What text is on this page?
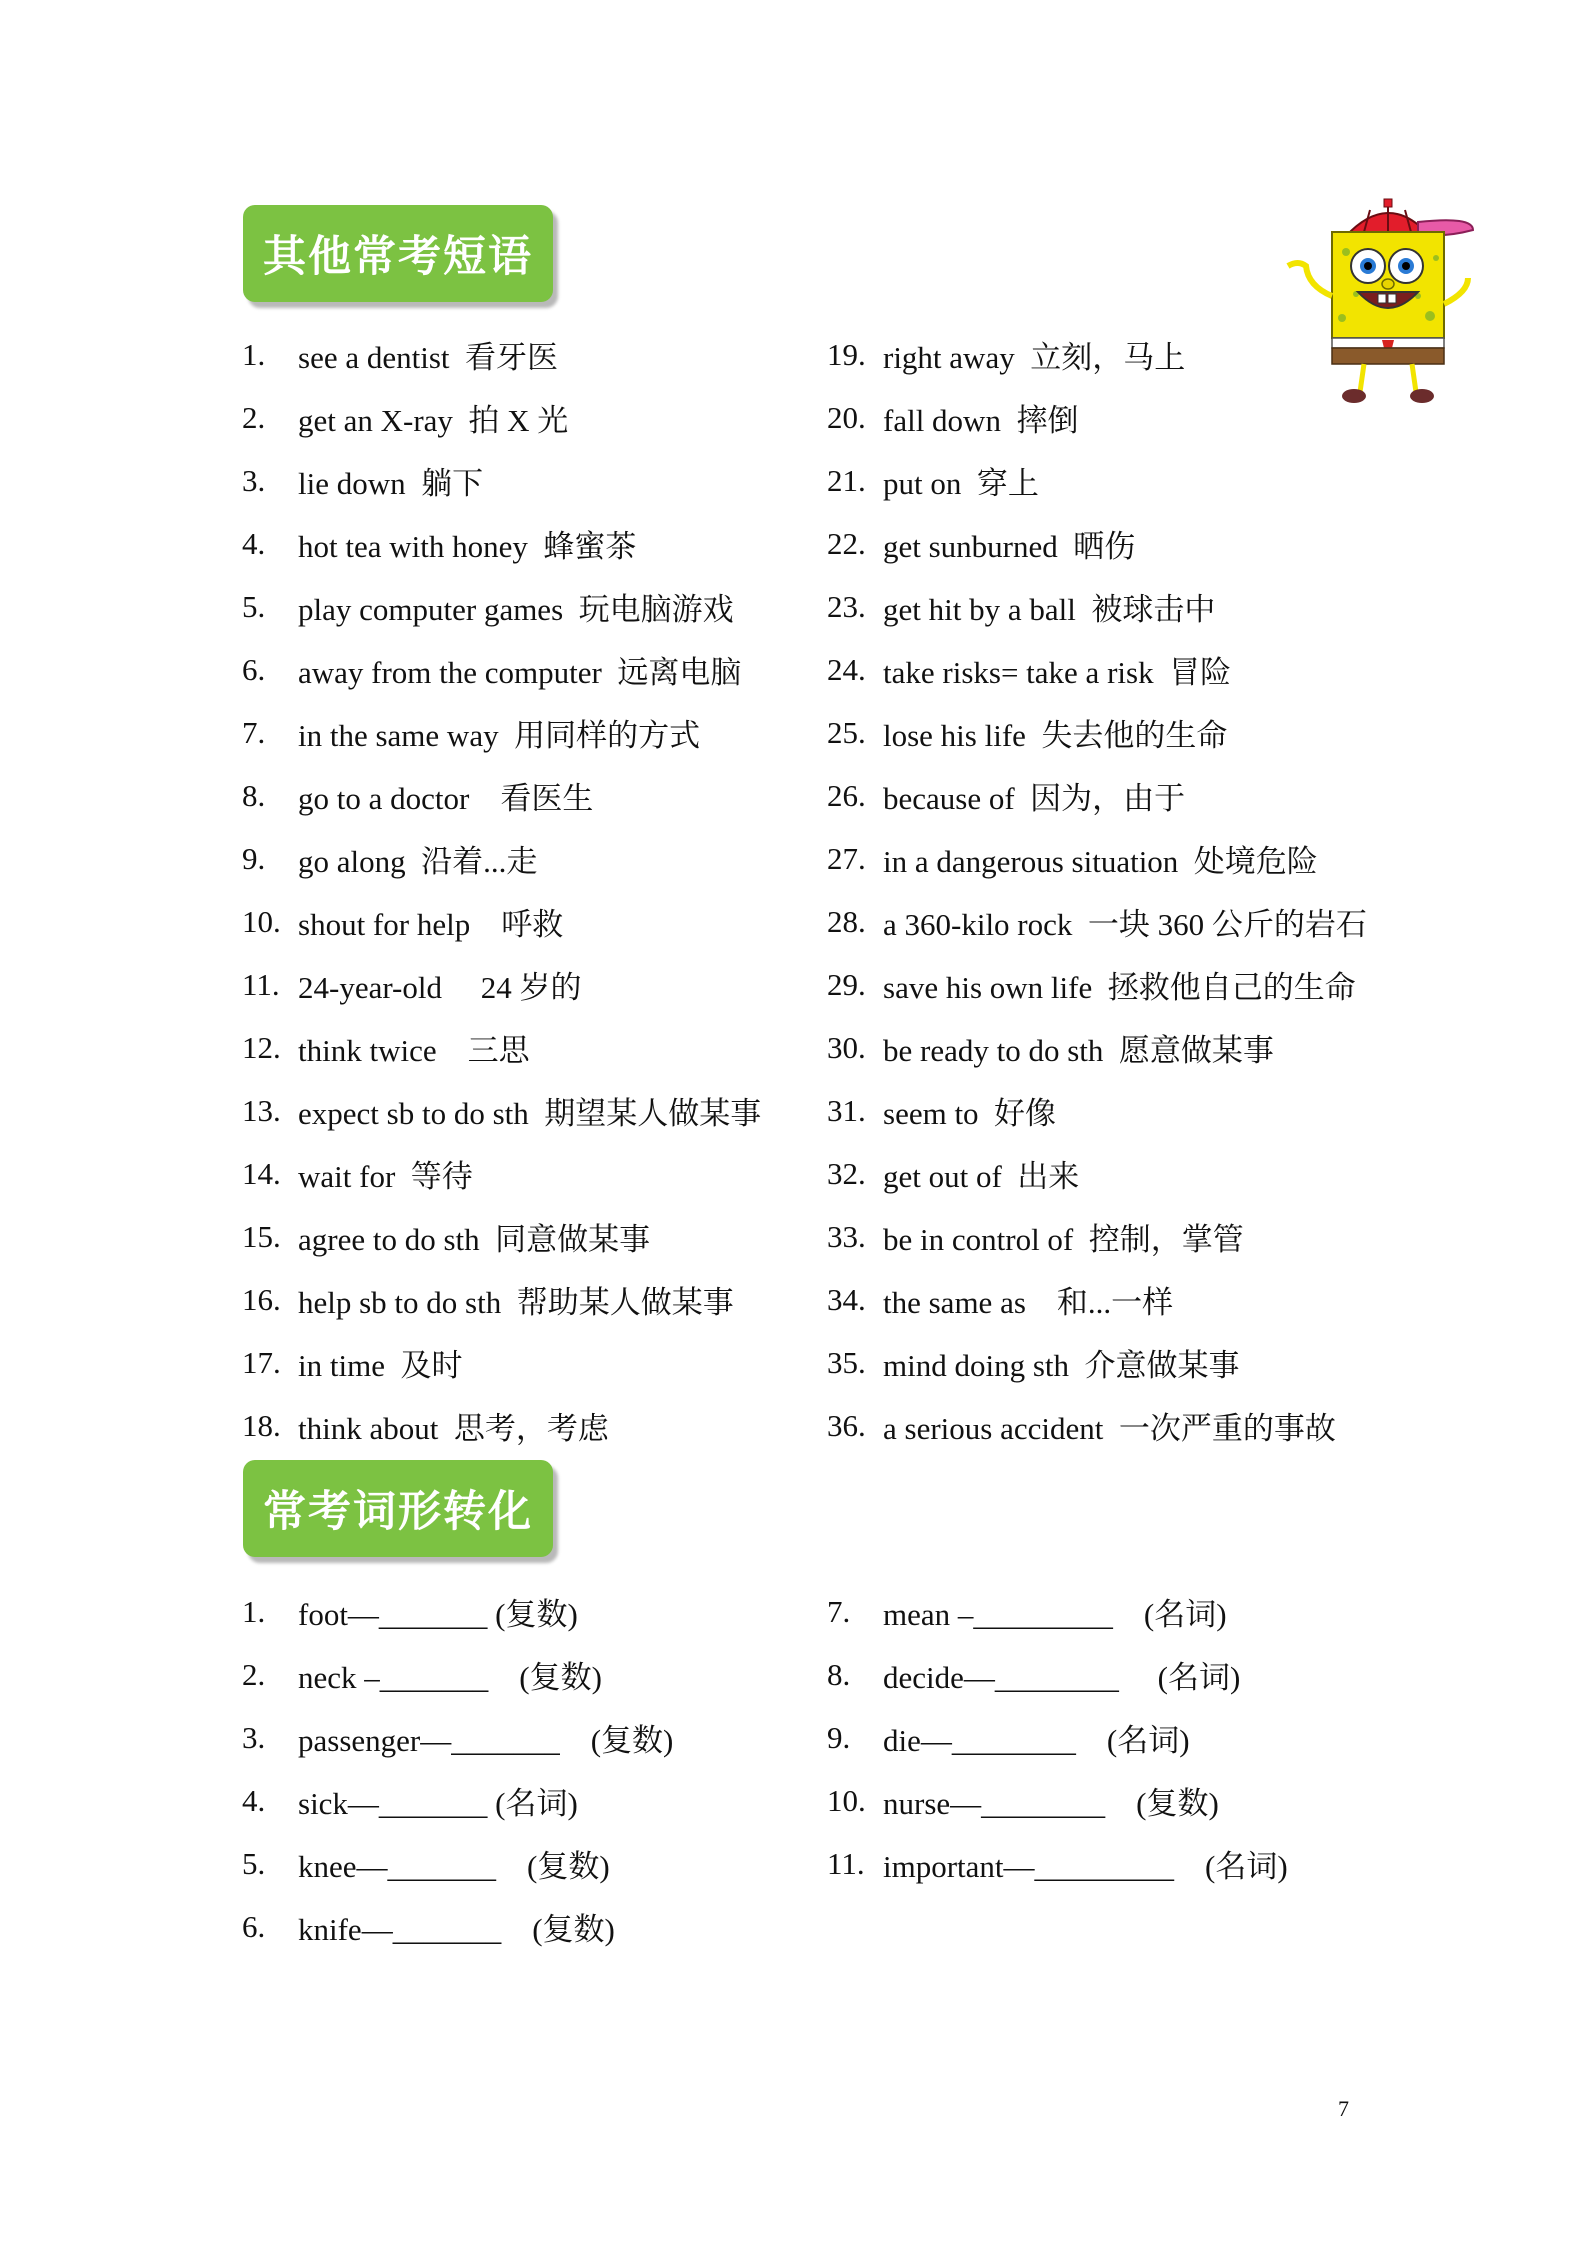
其他常考短语
1.	see a dentist  看牙医
2.	get an X-ray  拍 X 光
3.	lie down  躺下
4.	hot tea with honey  蜂蜜茶
5.	play computer games  玩电脑游戏
6.	away from the computer  远离电脑
7.	in the same way  用同样的方式
8.	go to a doctor    看医生
9.	go along  沿着...走
10. shout for help    呼救
11. 24-year-old     24 岁的
12. think twice    三思
13. expect sb to do sth  期望某人做某事
14. wait for  等待
15. agree to do sth  同意做某事
16. help sb to do sth  帮助某人做某事
17. in time  及时
18. think about  思考，考虑
19. right away  立刻，马上
20. fall down  摔倒
21. put on  穿上
22. get sunburned  晒伤
23. get hit by a ball  被球击中
24. take risks= take a risk  冒险
25. lose his life  失去他的生命
26. because of  因为，由于
27. in a dangerous situation  处境危险
28. a 360-kilo rock  一块 360 公斤的岩石
29. save his own life  拯救他自己的生命
30. be ready to do sth  愿意做某事
31. seem to  好像
32. get out of  出来
33. be in control of  控制，掌管
34. the same as    和...一样
35. mind doing sth  介意做某事
36. a serious accident  一次严重的事故
常考词形转化
1.	foot—_______ (复数)
2.	neck –_______    (复数)
3.	passenger—_______    (复数)
4.	sick—_______ (名词)
5.	knee—_______    (复数)
6.	knife—_______    (复数)
7.	mean –_________    (名词)
8.	decide—________     (名词)
9.	die—________    (名词)
10. nurse—________    (复数)
11. important—_________    (名词)
7
